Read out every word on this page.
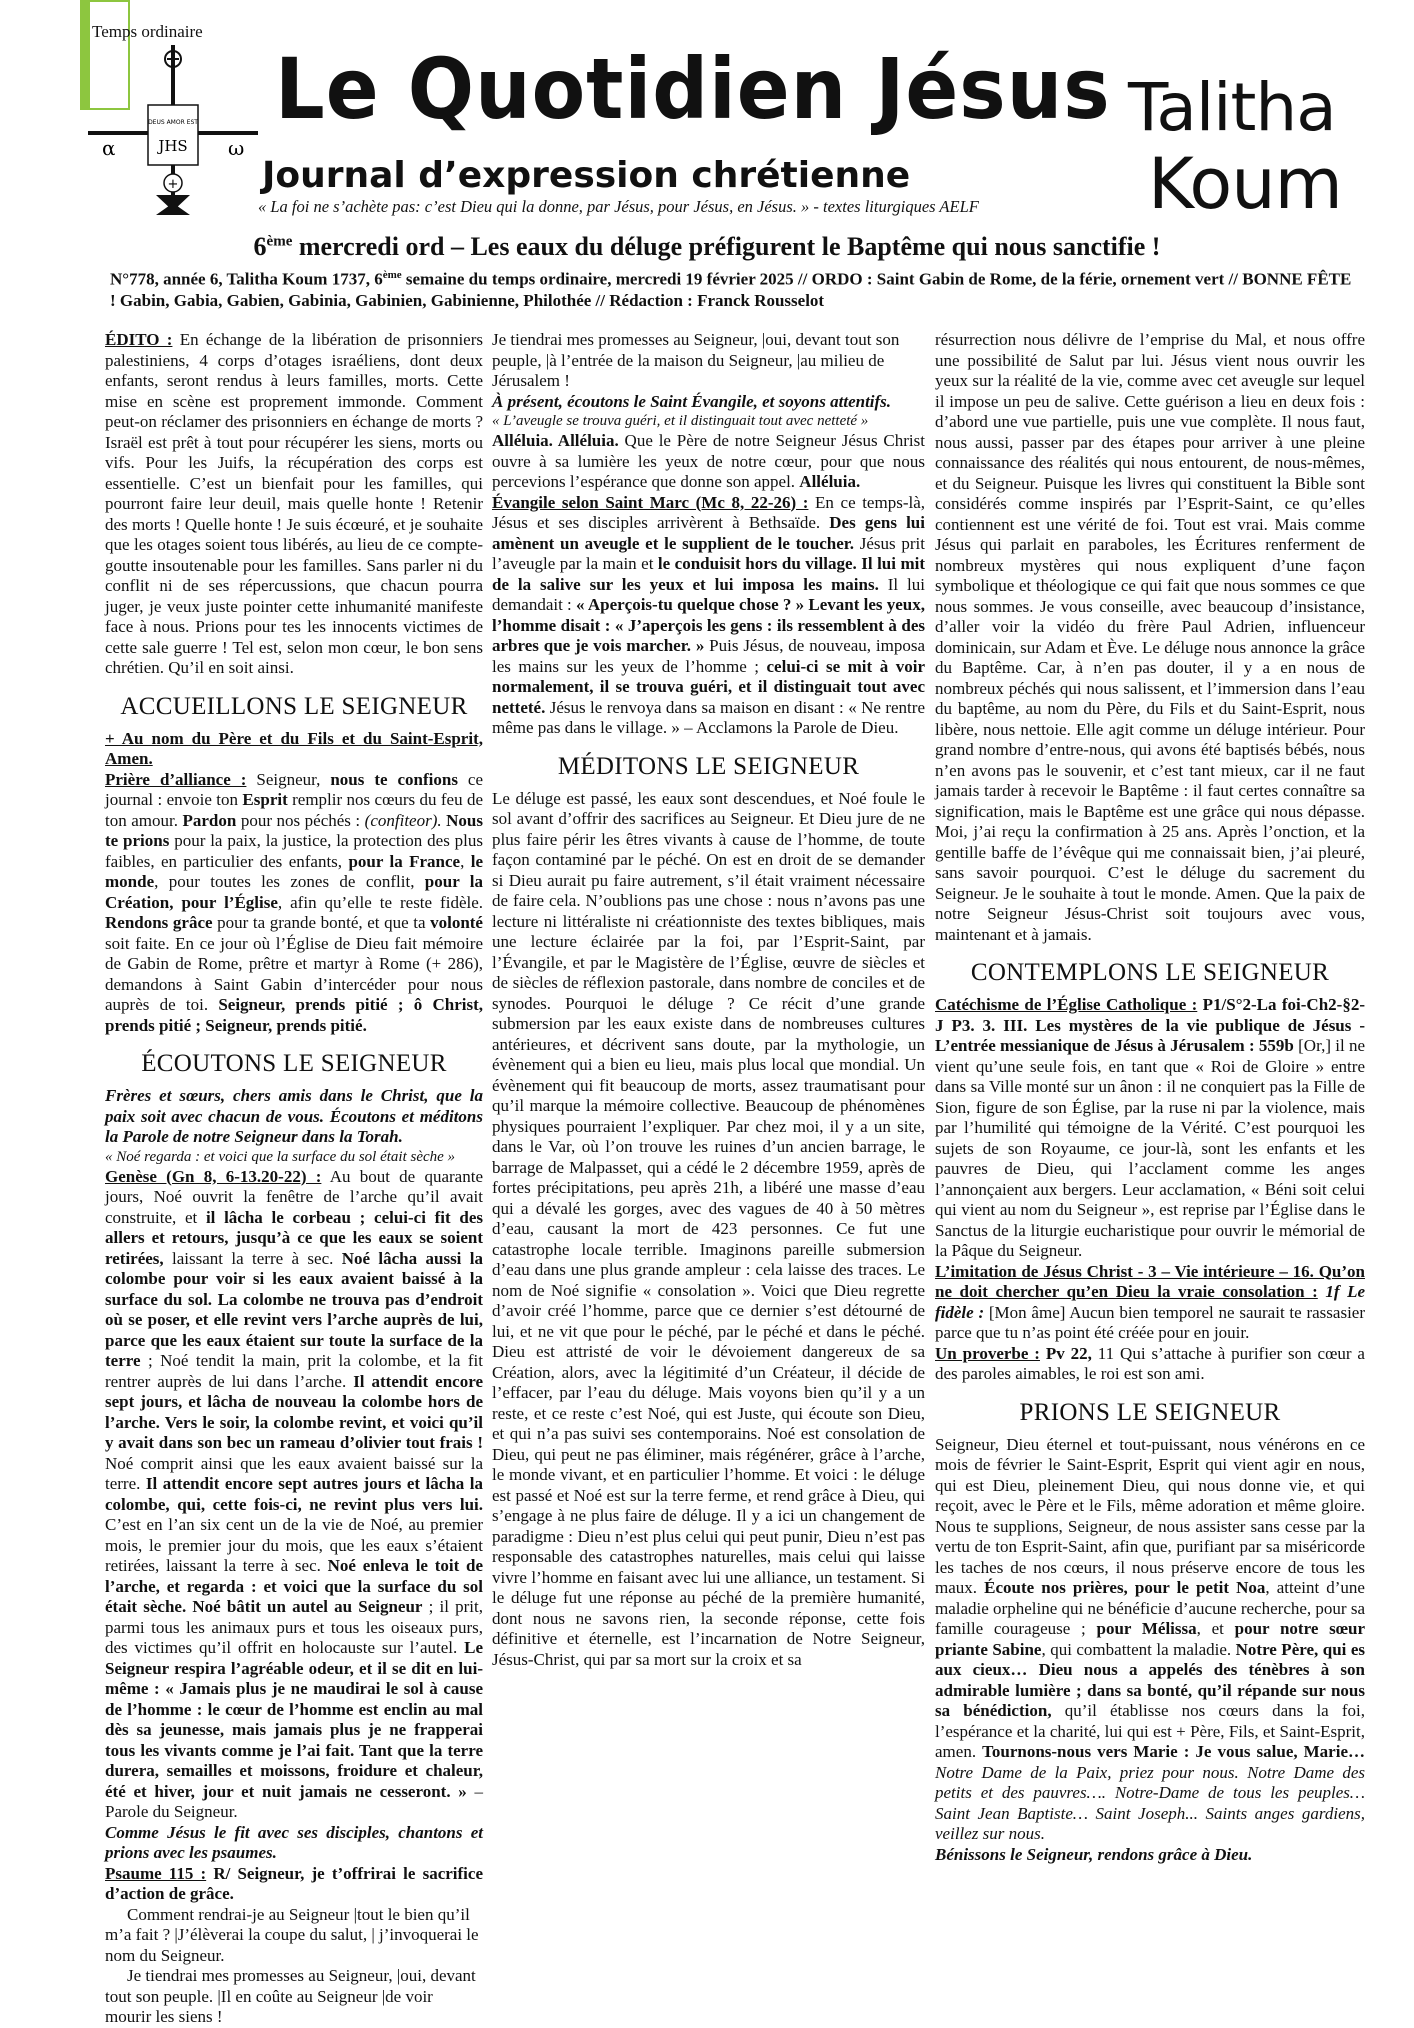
Temps ordinaire
DEUS AMOR EST
JHS
α	ω
+
Le Quotidien Jésus
Journal d’expression chrétienne
« La foi ne s’achète pas: c’est Dieu qui la donne, par Jésus, pour Jésus, en Jésus. » - textes liturgiques AELF
Talitha
Koum
6ème mercredi ord – Les eaux du déluge préfigurent le Baptême qui nous sanctifie !
N°778, année 6, Talitha Koum 1737, 6ème semaine du temps ordinaire, mercredi 19 février 2025 // ORDO : Saint Gabin de Rome, de la férie, ornement vert // BONNE FÊTE ! Gabin, Gabia, Gabien, Gabinia, Gabinien, Gabinienne, Philothée // Rédaction : Franck Rousselot

ÉDITO : En échange de la libération de prisonniers palestiniens, 4 corps d’otages israéliens, dont deux enfants, seront rendus à leurs familles, morts. Cette mise en scène est proprement immonde. Comment peut-on réclamer des prisonniers en échange de morts ? Israël est prêt à tout pour récupérer les siens, morts ou vifs. Pour les Juifs, la récupération des corps est essentielle. C’est un bienfait pour les familles, qui pourront faire leur deuil, mais quelle honte ! Retenir des morts ! Quelle honte ! Je suis écœuré, et je souhaite que les otages soient tous libérés, au lieu de ce compte-goutte insoutenable pour les familles. Sans parler ni du conflit ni de ses répercussions, que chacun pourra juger, je veux juste pointer cette inhumanité manifeste face à nous. Prions pour tes les innocents victimes de cette sale guerre ! Tel est, selon mon cœur, le bon sens chrétien. Qu’il en soit ainsi.

ACCUEILLONS LE SEIGNEUR

+ Au nom du Père et du Fils et du Saint-Esprit, Amen.

Prière d’alliance : Seigneur, nous te confions ce journal : envoie ton Esprit remplir nos cœurs du feu de ton amour. Pardon pour nos péchés : (confiteor). Nous te prions pour la paix, la justice, la protection des plus faibles, en particulier des enfants, pour la France, le monde, pour toutes les zones de conflit, pour la Création, pour l’Église, afin qu’elle te reste fidèle. Rendons grâce pour ta grande bonté, et que ta volonté soit faite. En ce jour où l’Église de Dieu fait mémoire de Gabin de Rome, prêtre et martyr à Rome (+ 286), demandons à Saint Gabin d’intercéder pour nous auprès de toi. Seigneur, prends pitié ; ô Christ, prends pitié ; Seigneur, prends pitié.

ÉCOUTONS LE SEIGNEUR

Frères et sœurs, chers amis dans le Christ, que la paix soit avec chacun de vous. Écoutons et méditons la Parole de notre Seigneur dans la Torah.

« Noé regarda : et voici que la surface du sol était sèche »

Genèse (Gn 8, 6-13.20-22) : Au bout de quarante jours, Noé ouvrit la fenêtre de l’arche qu’il avait construite, et il lâcha le corbeau ; celui-ci fit des allers et retours, jusqu’à ce que les eaux se soient retirées, laissant la terre à sec. Noé lâcha aussi la colombe pour voir si les eaux avaient baissé à la surface du sol. La colombe ne trouva pas d’endroit où se poser, et elle revint vers l’arche auprès de lui, parce que les eaux étaient sur toute la surface de la terre ; Noé tendit la main, prit la colombe, et la fit rentrer auprès de lui dans l’arche. Il attendit encore sept jours, et lâcha de nouveau la colombe hors de l’arche. Vers le soir, la colombe revint, et voici qu’il y avait dans son bec un rameau d’olivier tout frais ! Noé comprit ainsi que les eaux avaient baissé sur la terre. Il attendit encore sept autres jours et lâcha la colombe, qui, cette fois-ci, ne revint plus vers lui. C’est en l’an six cent un de la vie de Noé, au premier mois, le premier jour du mois, que les eaux s’étaient retirées, laissant la terre à sec. Noé enleva le toit de l’arche, et regarda : et voici que la surface du sol était sèche. Noé bâtit un autel au Seigneur ; il prit, parmi tous les animaux purs et tous les oiseaux purs, des victimes qu’il offrit en holocauste sur l’autel. Le Seigneur respira l’agréable odeur, et il se dit en lui-même : « Jamais plus je ne maudirai le sol à cause de l’homme : le cœur de l’homme est enclin au mal dès sa jeunesse, mais jamais plus je ne frapperai tous les vivants comme je l’ai fait. Tant que la terre durera, semailles et moissons, froidure et chaleur, été et hiver, jour et nuit jamais ne cesseront. » – Parole du Seigneur.

Comme Jésus le fit avec ses disciples, chantons et prions avec les psaumes.

Psaume 115 : R/ Seigneur, je t’offrirai le sacrifice d’action de grâce.

Comment rendrai-je au Seigneur |tout le bien qu’il m’a fait ? |J’élèverai la coupe du salut, | j’invoquerai le nom du Seigneur.

Je tiendrai mes promesses au Seigneur, |oui, devant tout son peuple. |Il en coûte au Seigneur |de voir mourir les siens !

Je tiendrai mes promesses au Seigneur, |oui, devant tout son peuple, |à l’entrée de la maison du Seigneur, |au milieu de Jérusalem !

À présent, écoutons le Saint Évangile, et soyons attentifs.

« L’aveugle se trouva guéri, et il distinguait tout avec netteté »

Alléluia. Alléluia. Que le Père de notre Seigneur Jésus Christ ouvre à sa lumière les yeux de notre cœur, pour que nous percevions l’espérance que donne son appel. Alléluia.

Évangile selon Saint Marc (Mc 8, 22-26) : En ce temps-là, Jésus et ses disciples arrivèrent à Bethsaïde. Des gens lui amènent un aveugle et le supplient de le toucher. Jésus prit l’aveugle par la main et le conduisit hors du village. Il lui mit de la salive sur les yeux et lui imposa les mains. Il lui demandait : « Aperçois-tu quelque chose ? » Levant les yeux, l’homme disait : « J’aperçois les gens : ils ressemblent à des arbres que je vois marcher. » Puis Jésus, de nouveau, imposa les mains sur les yeux de l’homme ; celui-ci se mit à voir normalement, il se trouva guéri, et il distinguait tout avec netteté. Jésus le renvoya dans sa maison en disant : « Ne rentre même pas dans le village. » – Acclamons la Parole de Dieu.

MÉDITONS LE SEIGNEUR

Le déluge est passé, les eaux sont descendues, et Noé foule le sol avant d’offrir des sacrifices au Seigneur. Et Dieu jure de ne plus faire périr les êtres vivants à cause de l’homme, de toute façon contaminé par le péché. On est en droit de se demander si Dieu aurait pu faire autrement, s’il était vraiment nécessaire de faire cela. N’oublions pas une chose : nous n’avons pas une lecture ni littéraliste ni créationniste des textes bibliques, mais une lecture éclairée par la foi, par l’Esprit-Saint, par l’Évangile, et par le Magistère de l’Église, œuvre de siècles et de siècles de réflexion pastorale, dans nombre de conciles et de synodes. Pourquoi le déluge ? Ce récit d’une grande submersion par les eaux existe dans de nombreuses cultures antérieures, et décrivent sans doute, par la mythologie, un évènement qui a bien eu lieu, mais plus local que mondial. Un évènement qui fit beaucoup de morts, assez traumatisant pour qu’il marque la mémoire collective. Beaucoup de phénomènes physiques pourraient l’expliquer. Par chez moi, il y a un site, dans le Var, où l’on trouve les ruines d’un ancien barrage, le barrage de Malpasset, qui a cédé le 2 décembre 1959, après de fortes précipitations, peu après 21h, a libéré une masse d’eau qui a dévalé les gorges, avec des vagues de 40 à 50 mètres d’eau, causant la mort de 423 personnes. Ce fut une catastrophe locale terrible. Imaginons pareille submersion d’eau dans une plus grande ampleur : cela laisse des traces. Le nom de Noé signifie « consolation ». Voici que Dieu regrette d’avoir créé l’homme, parce que ce dernier s’est détourné de lui, et ne vit que pour le péché, par le péché et dans le péché. Dieu est attristé de voir le dévoiement dangereux de sa Création, alors, avec la légitimité d’un Créateur, il décide de l’effacer, par l’eau du déluge. Mais voyons bien qu’il y a un reste, et ce reste c’est Noé, qui est Juste, qui écoute son Dieu, et qui n’a pas suivi ses contemporains. Noé est consolation de Dieu, qui peut ne pas éliminer, mais régénérer, grâce à l’arche, le monde vivant, et en particulier l’homme. Et voici : le déluge est passé et Noé est sur la terre ferme, et rend grâce à Dieu, qui s’engage à ne plus faire de déluge. Il y a ici un changement de paradigme : Dieu n’est plus celui qui peut punir, Dieu n’est pas responsable des catastrophes naturelles, mais celui qui laisse vivre l’homme en faisant avec lui une alliance, un testament. Si le déluge fut une réponse au péché de la première humanité, dont nous ne savons rien, la seconde réponse, cette fois définitive et éternelle, est l’incarnation de Notre Seigneur, Jésus-Christ, qui par sa mort sur la croix et sa

résurrection nous délivre de l’emprise du Mal, et nous offre une possibilité de Salut par lui. Jésus vient nous ouvrir les yeux sur la réalité de la vie, comme avec cet aveugle sur lequel il impose un peu de salive. Cette guérison a lieu en deux fois : d’abord une vue partielle, puis une vue complète. Il nous faut, nous aussi, passer par des étapes pour arriver à une pleine connaissance des réalités qui nous entourent, de nous-mêmes, et du Seigneur. Puisque les livres qui constituent la Bible sont considérés comme inspirés par l’Esprit-Saint, ce qu’elles contiennent est une vérité de foi. Tout est vrai. Mais comme Jésus qui parlait en paraboles, les Écritures renferment de nombreux mystères qui nous expliquent d’une façon symbolique et théologique ce qui fait que nous sommes ce que nous sommes. Je vous conseille, avec beaucoup d’insistance, d’aller voir la vidéo du frère Paul Adrien, influenceur dominicain, sur Adam et Ève. Le déluge nous annonce la grâce du Baptême. Car, à n’en pas douter, il y a en nous de nombreux péchés qui nous salissent, et l’immersion dans l’eau du baptême, au nom du Père, du Fils et du Saint-Esprit, nous libère, nous nettoie. Elle agit comme un déluge intérieur. Pour grand nombre d’entre-nous, qui avons été baptisés bébés, nous n’en avons pas le souvenir, et c’est tant mieux, car il ne faut jamais tarder à recevoir le Baptême : il faut certes connaître sa signification, mais le Baptême est une grâce qui nous dépasse. Moi, j’ai reçu la confirmation à 25 ans. Après l’onction, et la gentille baffe de l’évêque qui me connaissait bien, j’ai pleuré, sans savoir pourquoi. C’est le déluge du sacrement du Seigneur. Je le souhaite à tout le monde. Amen. Que la paix de notre Seigneur Jésus-Christ soit toujours avec vous, maintenant et à jamais.

CONTEMPLONS LE SEIGNEUR

Catéchisme de l’Église Catholique : P1/S°2-La foi-Ch2-§2-J P3. 3. III. Les mystères de la vie publique de Jésus - L’entrée messianique de Jésus à Jérusalem : 559b [Or,] il ne vient qu’une seule fois, en tant que « Roi de Gloire » entre dans sa Ville monté sur un ânon : il ne conquiert pas la Fille de Sion, figure de son Église, par la ruse ni par la violence, mais par l’humilité qui témoigne de la Vérité. C’est pourquoi les sujets de son Royaume, ce jour-là, sont les enfants et les pauvres de Dieu, qui l’acclament comme les anges l’annonçaient aux bergers. Leur acclamation, « Béni soit celui qui vient au nom du Seigneur », est reprise par l’Église dans le Sanctus de la liturgie eucharistique pour ouvrir le mémorial de la Pâque du Seigneur.

L’imitation de Jésus Christ - 3 – Vie intérieure – 16. Qu’on ne doit chercher qu’en Dieu la vraie consolation : 1f Le fidèle : [Mon âme] Aucun bien temporel ne saurait te rassasier parce que tu n’as point été créée pour en jouir.

Un proverbe : Pv 22, 11 Qui s’attache à purifier son cœur a des paroles aimables, le roi est son ami.

PRIONS LE SEIGNEUR

Seigneur, Dieu éternel et tout-puissant, nous vénérons en ce mois de février le Saint-Esprit, Esprit qui vient agir en nous, qui est Dieu, pleinement Dieu, qui nous donne vie, et qui reçoit, avec le Père et le Fils, même adoration et même gloire. Nous te supplions, Seigneur, de nous assister sans cesse par la vertu de ton Esprit-Saint, afin que, purifiant par sa miséricorde les taches de nos cœurs, il nous préserve encore de tous les maux. Écoute nos prières, pour le petit Noa, atteint d’une maladie orpheline qui ne bénéficie d’aucune recherche, pour sa famille courageuse ; pour Mélissa, et pour notre sœur priante Sabine, qui combattent la maladie. Notre Père, qui es aux cieux… Dieu nous a appelés des ténèbres à son admirable lumière ; dans sa bonté, qu’il répande sur nous sa bénédiction, qu’il établisse nos cœurs dans la foi, l’espérance et la charité, lui qui est + Père, Fils, et Saint-Esprit, amen. Tournons-nous vers Marie : Je vous salue, Marie… Notre Dame de la Paix, priez pour nous. Notre Dame des petits et des pauvres…. Notre-Dame de tous les peuples… Saint Jean Baptiste… Saint Joseph... Saints anges gardiens, veillez sur nous.

Bénissons le Seigneur, rendons grâce à Dieu.
